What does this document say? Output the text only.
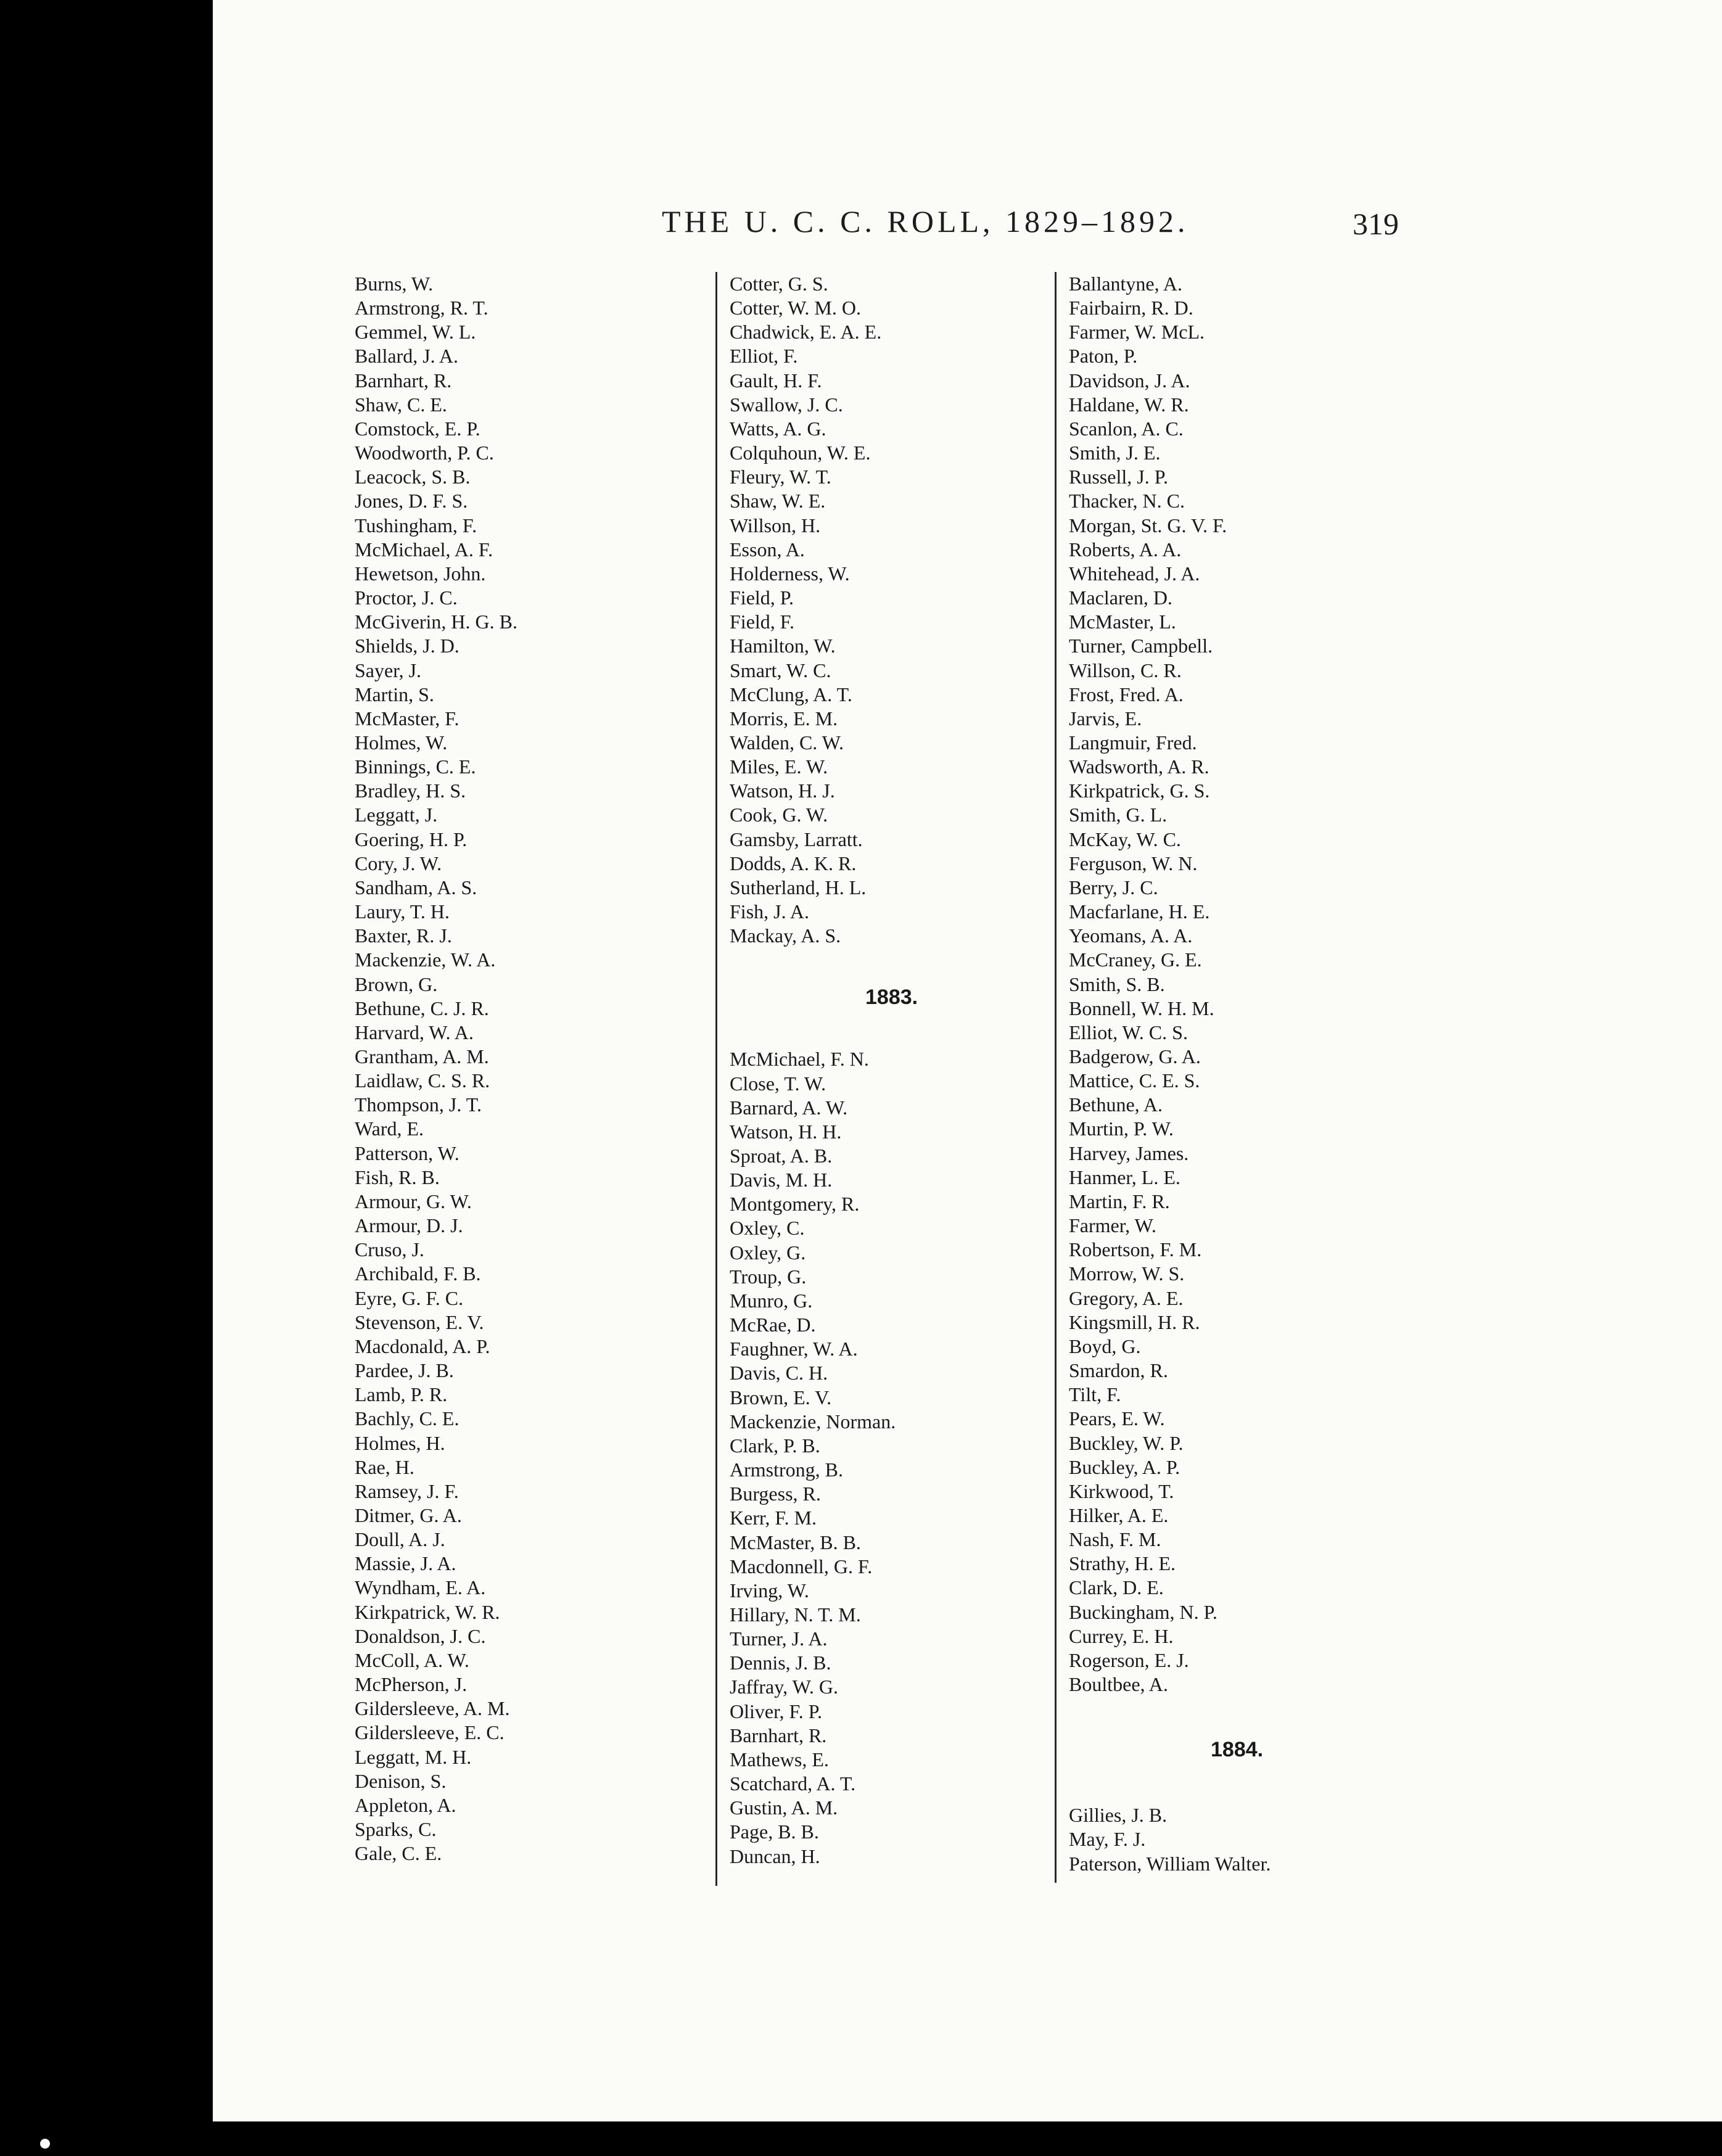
THE U. C. C. ROLL, 1829–1892.	319
Burns, W.
Armstrong, R. T.
Gemmel, W. L.
Ballard, J. A.
Barnhart, R.
Shaw, C. E.
Comstock, E. P.
Woodworth, P. C.
Leacock, S. B.
Jones, D. F. S.
Tushingham, F.
McMichael, A. F.
Hewetson, John.
Proctor, J. C.
McGiverin, H. G. B.
Shields, J. D.
Sayer, J.
Martin, S.
McMaster, F.
Holmes, W.
Binnings, C. E.
Bradley, H. S.
Leggatt, J.
Goering, H. P.
Cory, J. W.
Sandham, A. S.
Laury, T. H.
Baxter, R. J.
Mackenzie, W. A.
Brown, G.
Bethune, C. J. R.
Harvard, W. A.
Grantham, A. M.
Laidlaw, C. S. R.
Thompson, J. T.
Ward, E.
Patterson, W.
Fish, R. B.
Armour, G. W.
Armour, D. J.
Cruso, J.
Archibald, F. B.
Eyre, G. F. C.
Stevenson, E. V.
Macdonald, A. P.
Pardee, J. B.
Lamb, P. R.
Bachly, C. E.
Holmes, H.
Rae, H.
Ramsey, J. F.
Ditmer, G. A.
Doull, A. J.
Massie, J. A.
Wyndham, E. A.
Kirkpatrick, W. R.
Donaldson, J. C.
McColl, A. W.
McPherson, J.
Gildersleeve, A. M.
Gildersleeve, E. C.
Leggatt, M. H.
Denison, S.
Appleton, A.
Sparks, C.
Gale, C. E.
Cotter, G. S.
Cotter, W. M. O.
Chadwick, E. A. E.
Elliot, F.
Gault, H. F.
Swallow, J. C.
Watts, A. G.
Colquhoun, W. E.
Fleury, W. T.
Shaw, W. E.
Willson, H.
Esson, A.
Holderness, W.
Field, P.
Field, F.
Hamilton, W.
Smart, W. C.
McClung, A. T.
Morris, E. M.
Walden, C. W.
Miles, E. W.
Watson, H. J.
Cook, G. W.
Gamsby, Larratt.
Dodds, A. K. R.
Sutherland, H. L.
Fish, J. A.
Mackay, A. S.
1883.
McMichael, F. N.
Close, T. W.
Barnard, A. W.
Watson, H. H.
Sproat, A. B.
Davis, M. H.
Montgomery, R.
Oxley, C.
Oxley, G.
Troup, G.
Munro, G.
McRae, D.
Faughner, W. A.
Davis, C. H.
Brown, E. V.
Mackenzie, Norman.
Clark, P. B.
Armstrong, B.
Burgess, R.
Kerr, F. M.
McMaster, B. B.
Macdonnell, G. F.
Irving, W.
Hillary, N. T. M.
Turner, J. A.
Dennis, J. B.
Jaffray, W. G.
Oliver, F. P.
Barnhart, R.
Mathews, E.
Scatchard, A. T.
Gustin, A. M.
Page, B. B.
Duncan, H.
Ballantyne, A.
Fairbairn, R. D.
Farmer, W. McL.
Paton, P.
Davidson, J. A.
Haldane, W. R.
Scanlon, A. C.
Smith, J. E.
Russell, J. P.
Thacker, N. C.
Morgan, St. G. V. F.
Roberts, A. A.
Whitehead, J. A.
Maclaren, D.
McMaster, L.
Turner, Campbell.
Willson, C. R.
Frost, Fred. A.
Jarvis, E.
Langmuir, Fred.
Wadsworth, A. R.
Kirkpatrick, G. S.
Smith, G. L.
McKay, W. C.
Ferguson, W. N.
Berry, J. C.
Macfarlane, H. E.
Yeomans, A. A.
McCraney, G. E.
Smith, S. B.
Bonnell, W. H. M.
Elliot, W. C. S.
Badgerow, G. A.
Mattice, C. E. S.
Bethune, A.
Murtin, P. W.
Harvey, James.
Hanmer, L. E.
Martin, F. R.
Farmer, W.
Robertson, F. M.
Morrow, W. S.
Gregory, A. E.
Kingsmill, H. R.
Boyd, G.
Smardon, R.
Tilt, F.
Pears, E. W.
Buckley, W. P.
Buckley, A. P.
Kirkwood, T.
Hilker, A. E.
Nash, F. M.
Strathy, H. E.
Clark, D. E.
Buckingham, N. P.
Currey, E. H.
Rogerson, E. J.
Boultbee, A.
1884.
Gillies, J. B.
May, F. J.
Paterson, William Walter.
